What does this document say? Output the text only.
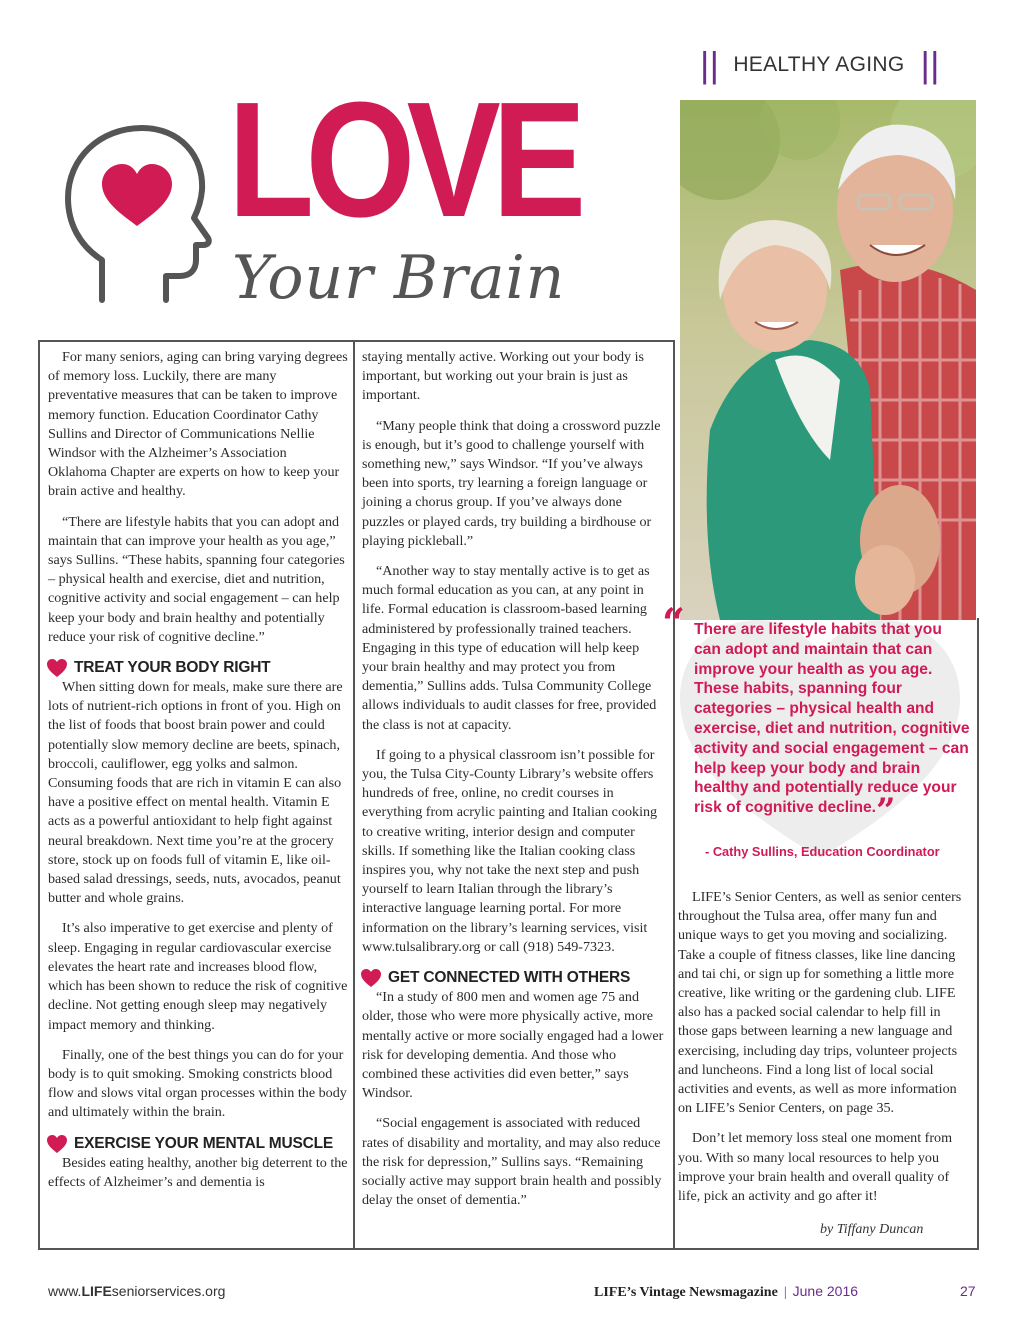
|| HEALTHY AGING ||
LOVE
Your Brain

For many seniors, aging can bring varying degrees of memory loss. Luckily, there are many preventative measures that can be taken to improve memory function. Education Coordinator Cathy Sullins and Director of Communications Nellie Windsor with the Alzheimer’s Association Oklahoma Chapter are experts on how to keep your brain active and healthy.

“There are lifestyle habits that you can adopt and maintain that can improve your health as you age,” says Sullins. “These habits, spanning four categories – physical health and exercise, diet and nutrition, cognitive activity and social engagement – can help keep your body and brain healthy and potentially reduce your risk of cognitive decline.”

TREAT YOUR BODY RIGHT

When sitting down for meals, make sure there are lots of nutrient-rich options in front of you. High on the list of foods that boost brain power and could potentially slow memory decline are beets, spinach, broccoli, cauliflower, egg yolks and salmon. Consuming foods that are rich in vitamin E can also have a positive effect on mental health. Vitamin E acts as a powerful antioxidant to help fight against neural breakdown. Next time you’re at the grocery store, stock up on foods full of vitamin E, like oil-based salad dressings, seeds, nuts, avocados, peanut butter and whole grains.

It’s also imperative to get exercise and plenty of sleep. Engaging in regular cardiovascular exercise elevates the heart rate and increases blood flow, which has been shown to reduce the risk of cognitive decline. Not getting enough sleep may negatively impact memory and thinking.

Finally, one of the best things you can do for your body is to quit smoking. Smoking constricts blood flow and slows vital organ processes within the body and ultimately within the brain.

EXERCISE YOUR MENTAL MUSCLE

Besides eating healthy, another big deterrent to the effects of Alzheimer’s and dementia is

staying mentally active. Working out your body is important, but working out your brain is just as important.

“Many people think that doing a crossword puzzle is enough, but it’s good to challenge yourself with something new,” says Windsor. “If you’ve always been into sports, try learning a foreign language or joining a chorus group. If you’ve always done puzzles or played cards, try building a birdhouse or playing pickleball.”

“Another way to stay mentally active is to get as much formal education as you can, at any point in life. Formal education is classroom-based learning administered by professionally trained teachers. Engaging in this type of education will help keep your brain healthy and may protect you from dementia,” Sullins adds. Tulsa Community College allows individuals to audit classes for free, provided the class is not at capacity.

If going to a physical classroom isn’t possible for you, the Tulsa City-County Library’s website offers hundreds of free, online, no credit courses in everything from acrylic painting and Italian cooking to creative writing, interior design and computer skills. If something like the Italian cooking class inspires you, why not take the next step and push yourself to learn Italian through the library’s interactive language learning portal. For more information on the library’s learning services, visit www.tulsalibrary.org or call (918) 549-7323.

GET CONNECTED WITH OTHERS

“In a study of 800 men and women age 75 and older, those who were more physically active, more mentally active or more socially engaged had a lower risk for developing dementia. And those who combined these activities did even better,” says Windsor.

“Social engagement is associated with reduced rates of disability and mortality, and may also reduce the risk for depression,” Sullins says. “Remaining socially active may support brain health and possibly delay the onset of dementia.”

“ There are lifestyle habits that you can adopt and maintain that can improve your health as you age. These habits, spanning four categories – physical health and exercise, diet and nutrition, cognitive activity and social engagement – can help keep your body and brain healthy and potentially reduce your risk of cognitive decline.”
- Cathy Sullins, Education Coordinator

LIFE’s Senior Centers, as well as senior centers throughout the Tulsa area, offer many fun and unique ways to get you moving and socializing. Take a couple of fitness classes, like line dancing and tai chi, or sign up for something a little more creative, like writing or the gardening club. LIFE also has a packed social calendar to help fill in those gaps between learning a new language and exercising, including day trips, volunteer projects and luncheons. Find a long list of local social activities and events, as well as more information on LIFE’s Senior Centers, on page 35.

Don’t let memory loss steal one moment from you. With so many local resources to help you improve your brain health and overall quality of life, pick an activity and go after it!

by Tiffany Duncan
www.LIFEseniorservices.org	LIFE’s Vintage Newsmagazine | June 2016	27
